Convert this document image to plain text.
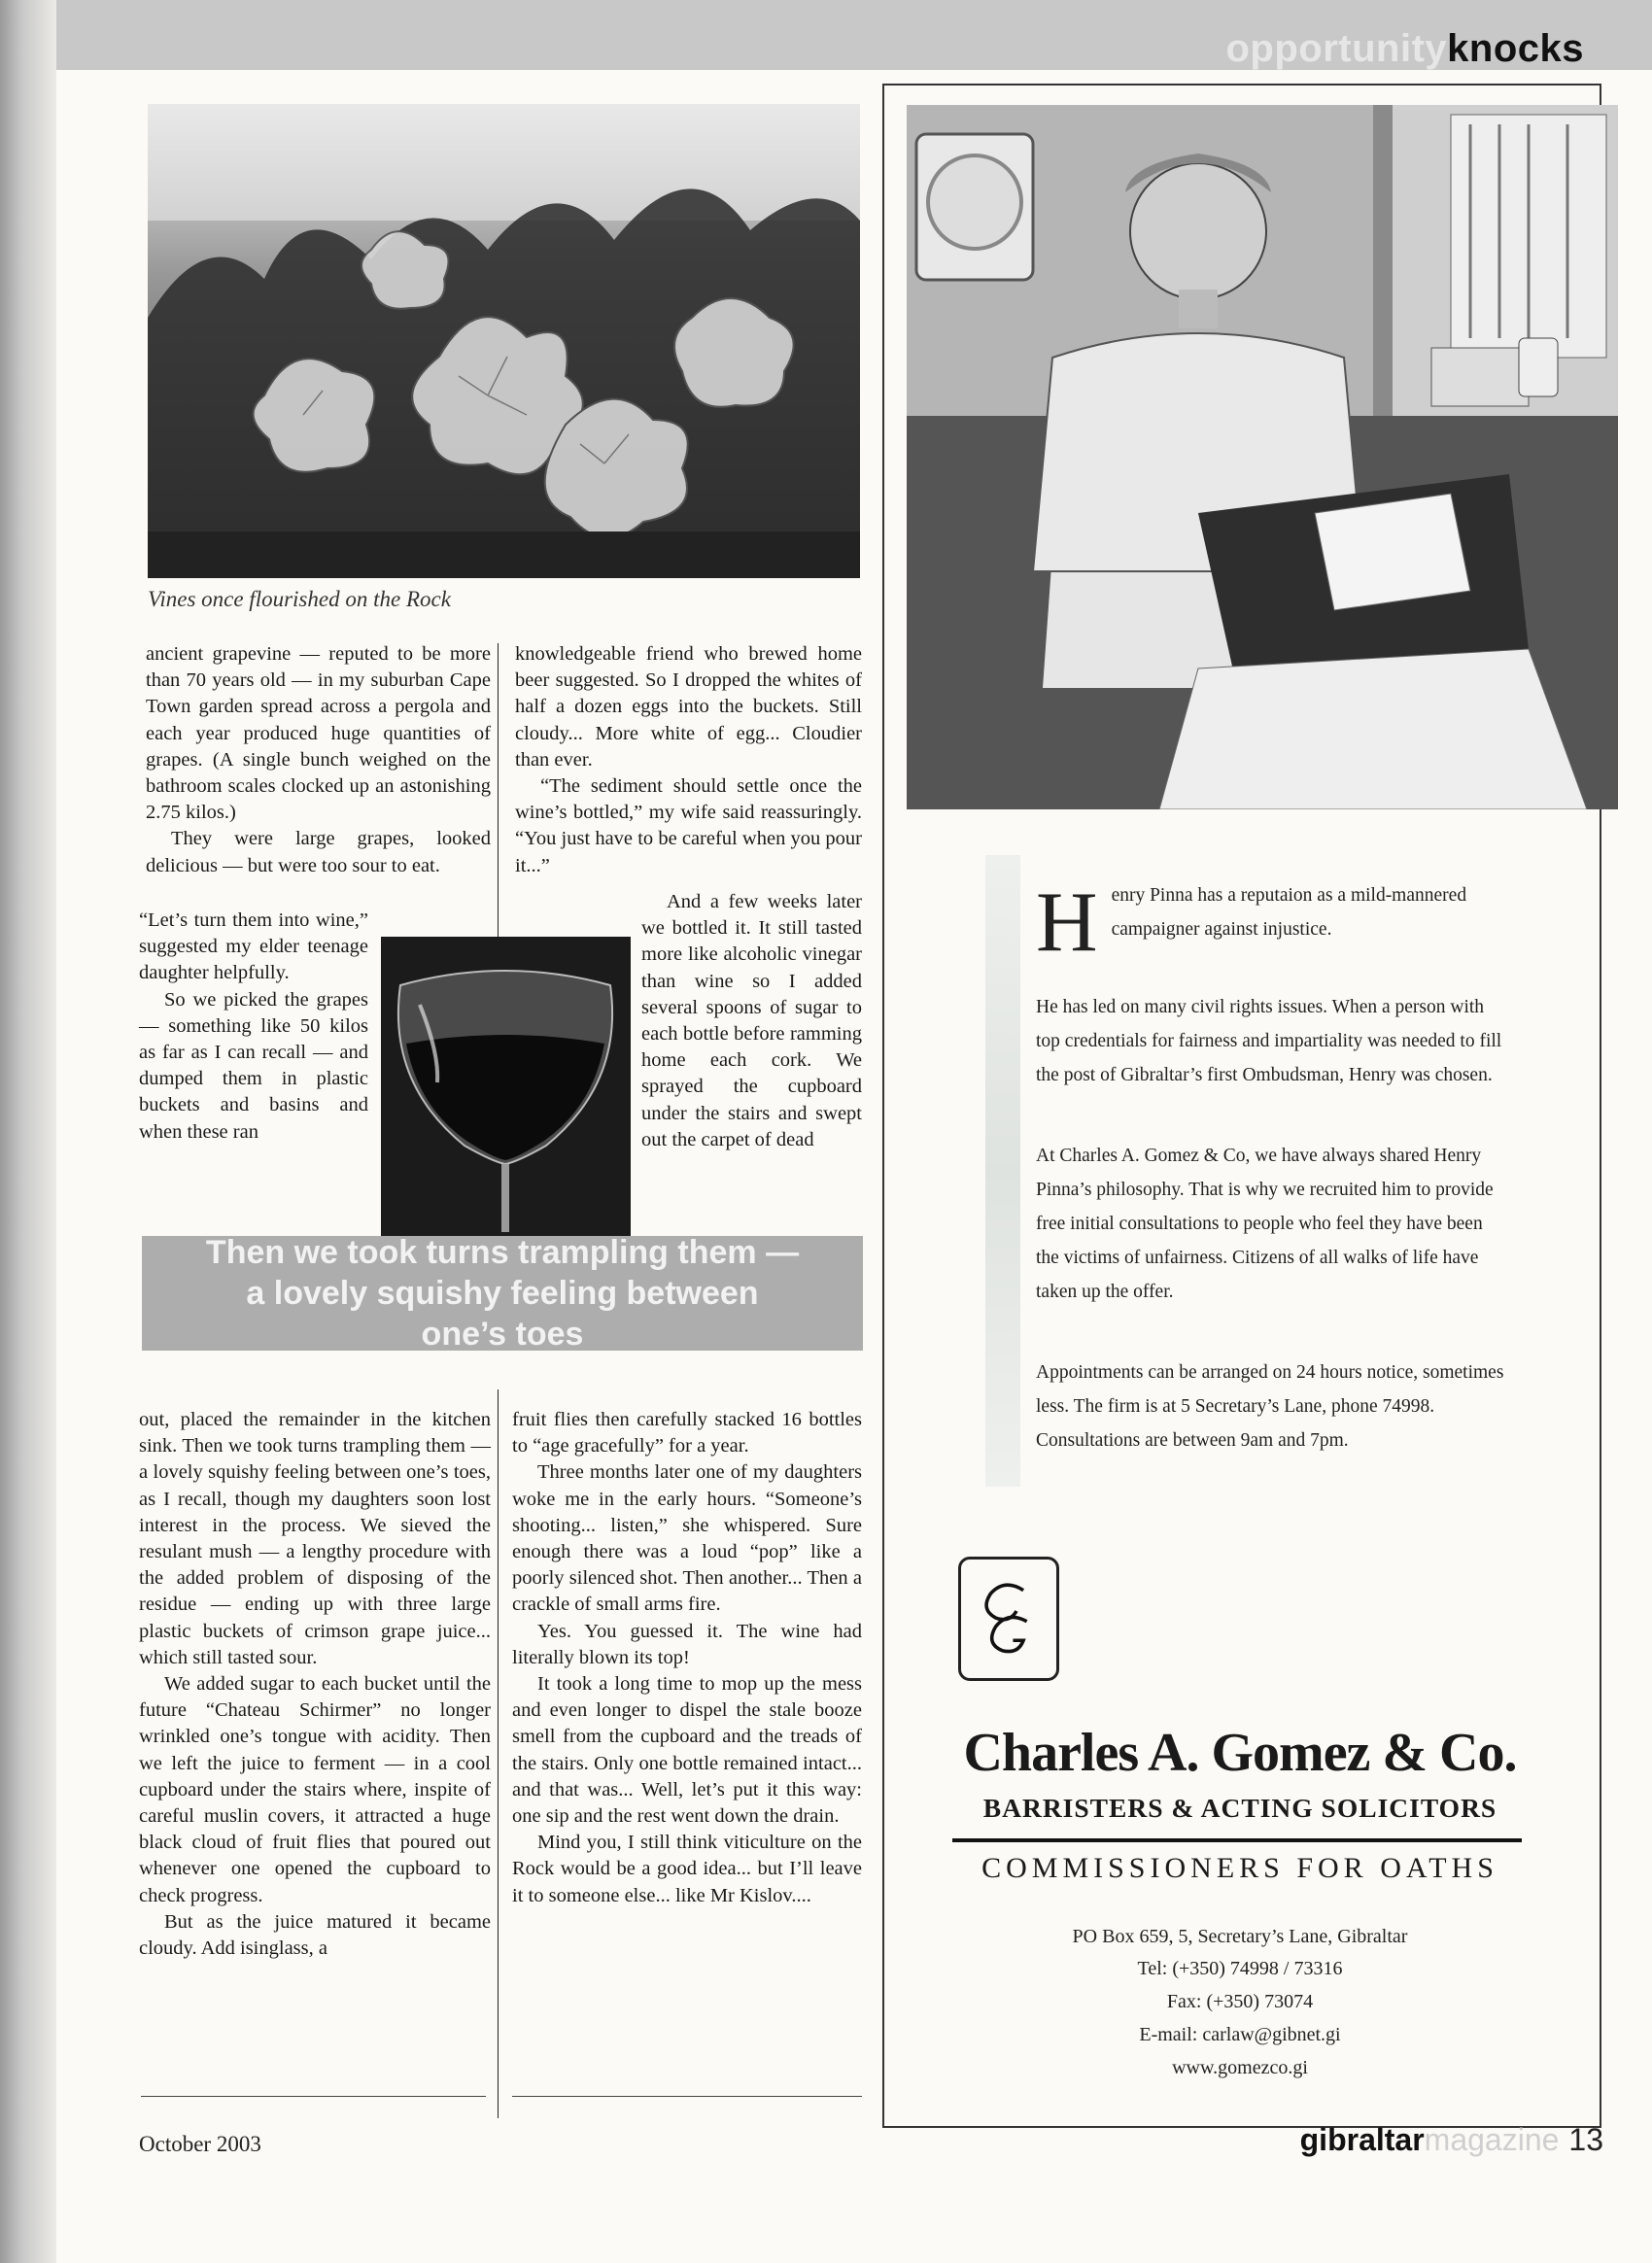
opportunityknocks
Vines once flourished on the Rock

ancient grapevine — reputed to be more than 70 years old — in my suburban Cape Town garden spread across a pergola and each year produced huge quantities of grapes. (A single bunch weighed on the bathroom scales clocked up an astonishing 2.75 kilos.)

They were large grapes, looked delicious — but were too sour to eat.

“Let’s turn them into wine,” suggested my elder teenage daughter helpfully.

So we picked the grapes — something like 50 kilos as far as I can recall — and dumped them in plastic buckets and basins and when these ran

knowledgeable friend who brewed home beer suggested. So I dropped the whites of half a dozen eggs into the buckets. Still cloudy... More white of egg... Cloudier than ever.

“The sediment should settle once the wine’s bottled,” my wife said reassuringly. “You just have to be careful when you pour it...”

And a few weeks later we bottled it. It still tasted more like alcoholic vinegar than wine so I added several spoons of sugar to each bottle before ramming home each cork. We sprayed the cupboard under the stairs and swept out the carpet of dead

Then we took turns trampling them — a lovely squishy feeling between one’s toes

out, placed the remainder in the kitchen sink. Then we took turns trampling them — a lovely squishy feeling between one’s toes, as I recall, though my daughters soon lost interest in the process. We sieved the resulant mush — a lengthy procedure with the added problem of disposing of the residue — ending up with three large plastic buckets of crimson grape juice... which still tasted sour.

We added sugar to each bucket until the future “Chateau Schirmer” no longer wrinkled one’s tongue with acidity. Then we left the juice to ferment — in a cool cupboard under the stairs where, inspite of careful muslin covers, it attracted a huge black cloud of fruit flies that poured out whenever one opened the cupboard to check progress.

But as the juice matured it became cloudy. Add isinglass, a

fruit flies then carefully stacked 16 bottles to “age gracefully” for a year.

Three months later one of my daughters woke me in the early hours. “Someone’s shooting... listen,” she whispered. Sure enough there was a loud “pop” like a poorly silenced shot. Then another... Then a crackle of small arms fire.

Yes. You guessed it. The wine had literally blown its top!

It took a long time to mop up the mess and even longer to dispel the stale booze smell from the cupboard and the treads of the stairs. Only one bottle remained intact... and that was... Well, let’s put it this way: one sip and the rest went down the drain.

Mind you, I still think viticulture on the Rock would be a good idea... but I’ll leave it to someone else... like Mr Kislov....

Henry Pinna has a reputaion as a mild-mannered campaigner against injustice.

He has led on many civil rights issues. When a person with top credentials for fairness and impartiality was needed to fill the post of Gibraltar’s first Ombudsman, Henry was chosen.

At Charles A. Gomez & Co, we have always shared Henry Pinna’s philosophy. That is why we recruited him to provide free initial consultations to people who feel they have been the victims of unfairness. Citizens of all walks of life have taken up the offer.

Appointments can be arranged on 24 hours notice, sometimes less. The firm is at 5 Secretary’s Lane, phone 74998. Consultations are between 9am and 7pm.

Charles A. Gomez & Co.
BARRISTERS & ACTING SOLICITORS
COMMISSIONERS FOR OATHS
PO Box 659, 5, Secretary’s Lane, Gibraltar
Tel: (+350) 74998 / 73316
Fax: (+350) 73074
E-mail: carlaw@gibnet.gi
www.gomezco.gi
October 2003	gibraltarmagazine 13
